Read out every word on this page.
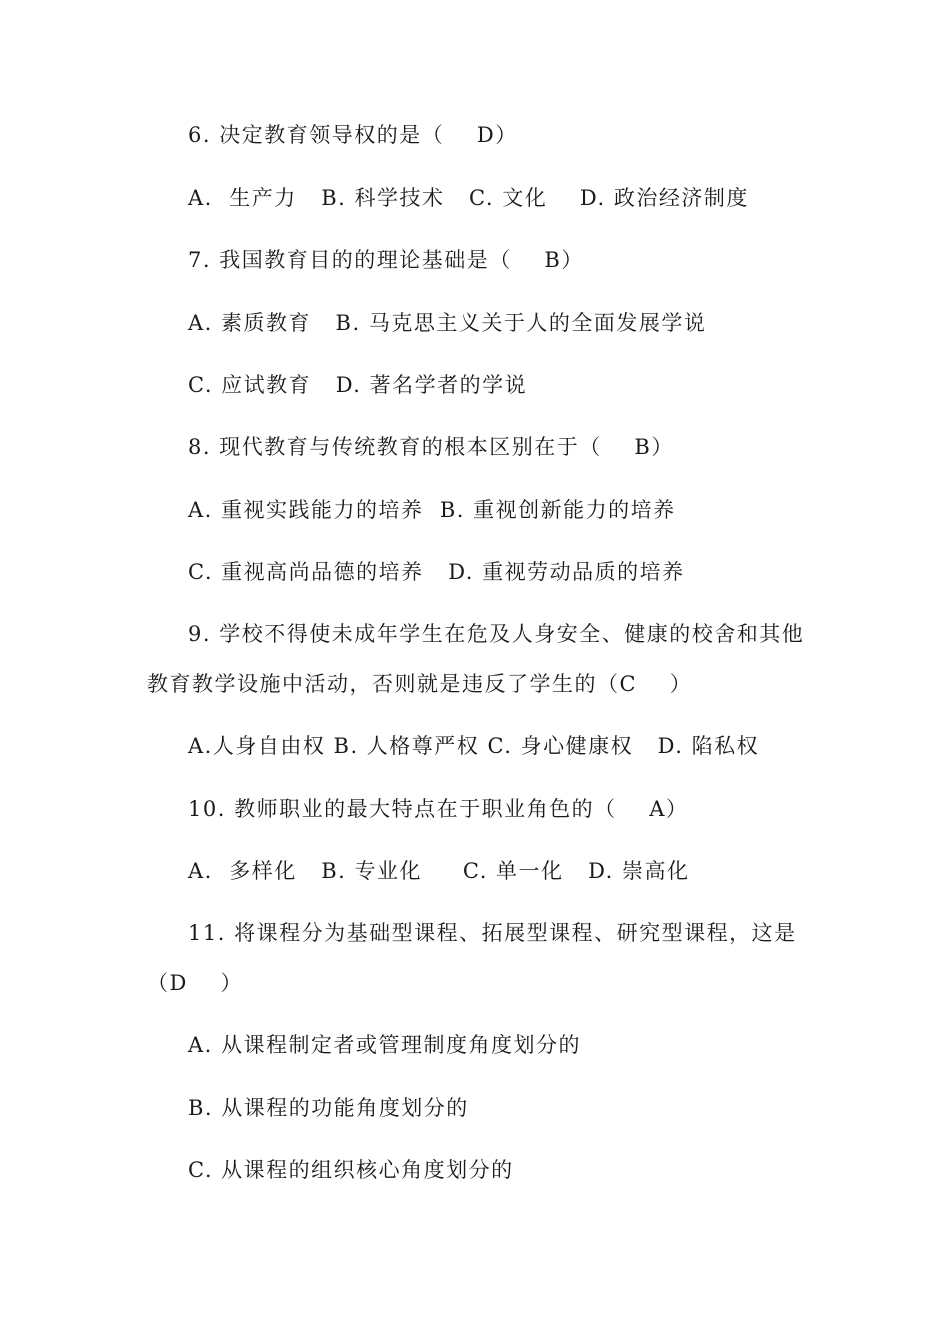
6. 决定教育领导权的是（    D）
A.  生产力   B. 科学技术   C. 文化    D. 政治经济制度
7. 我国教育目的的理论基础是（    B）
A. 素质教育   B. 马克思主义关于人的全面发展学说
C. 应试教育   D. 著名学者的学说
8. 现代教育与传统教育的根本区别在于（    B）
A. 重视实践能力的培养  B. 重视创新能力的培养
C. 重视高尚品德的培养   D. 重视劳动品质的培养
9. 学校不得使未成年学生在危及人身安全、健康的校舍和其他
教育教学设施中活动，否则就是违反了学生的（C    ）
A.人身自由权 B. 人格尊严权 C. 身心健康权   D. 陷私权
10. 教师职业的最大特点在于职业角色的（    A）
A.  多样化   B. 专业化     C. 单一化   D. 崇高化
11. 将课程分为基础型课程、拓展型课程、研究型课程，这是
（D    ）
A. 从课程制定者或管理制度角度划分的
B. 从课程的功能角度划分的
C. 从课程的组织核心角度划分的
